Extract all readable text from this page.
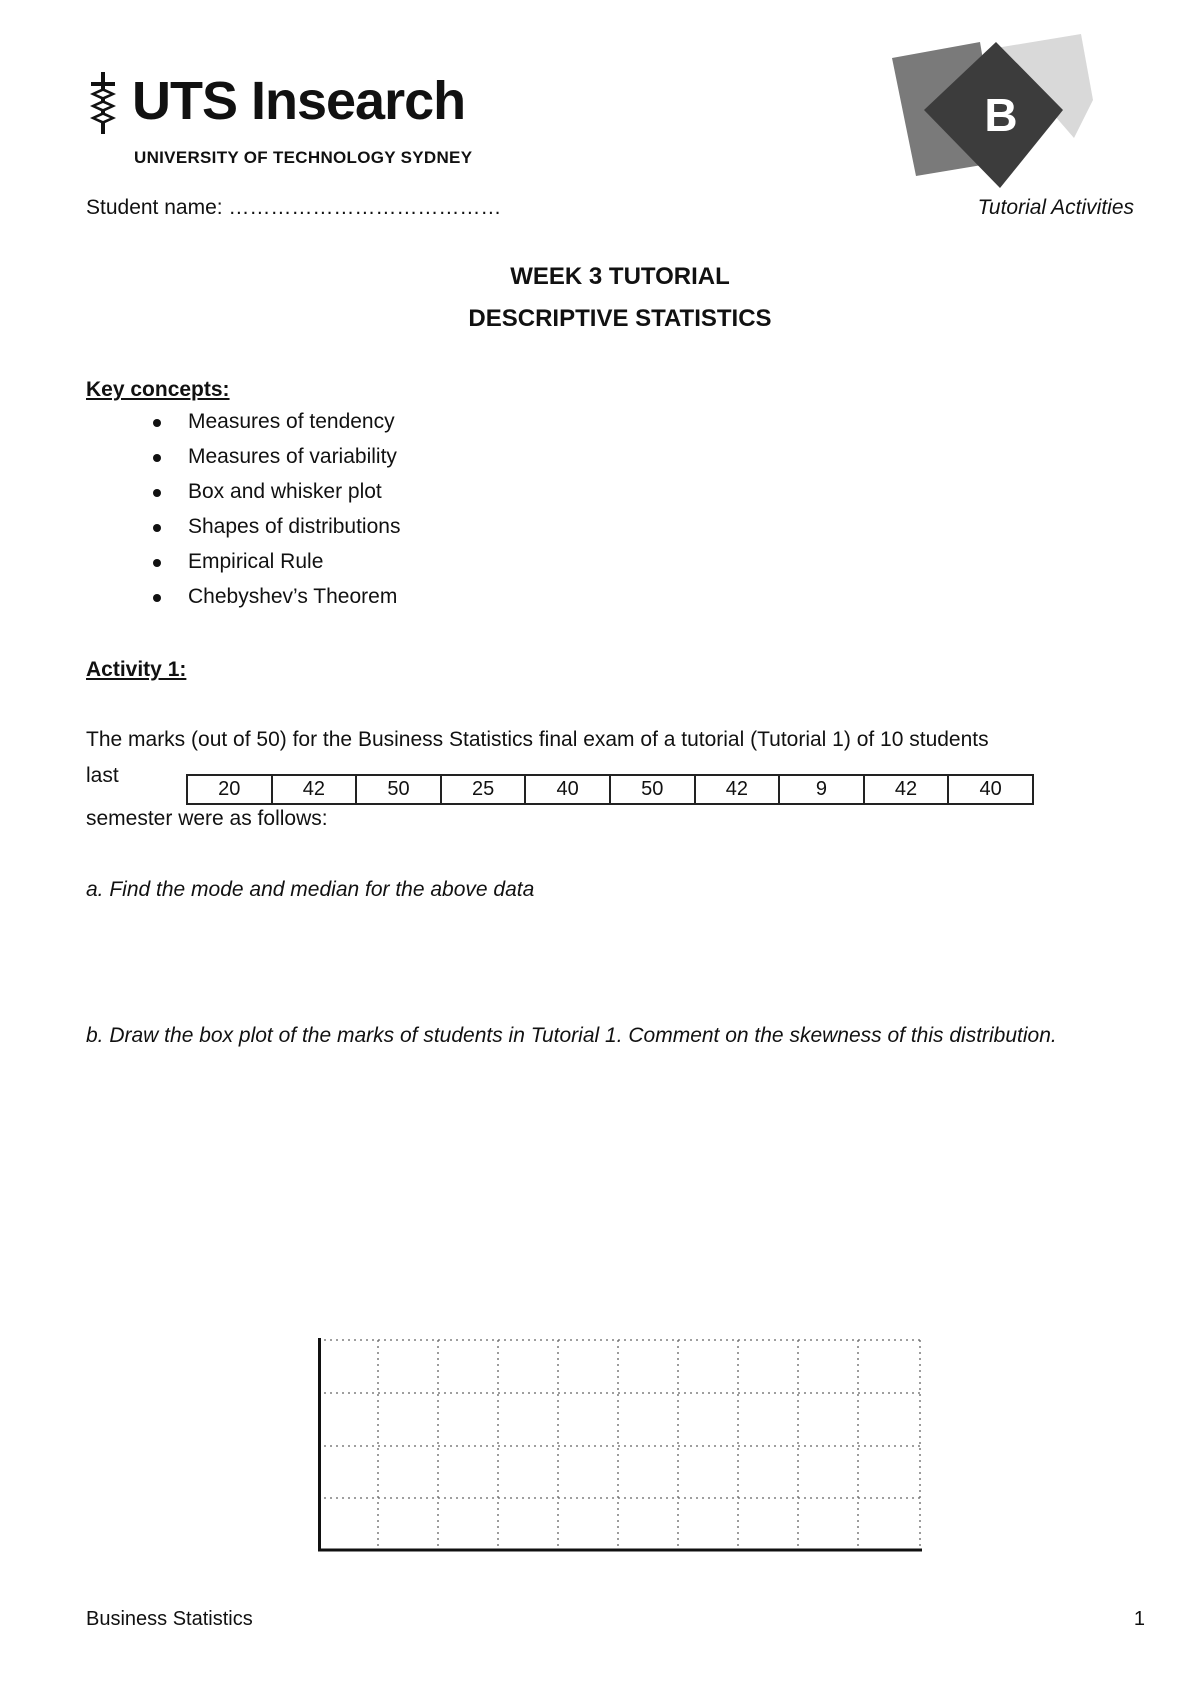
UTS Insearch
UNIVERSITY OF TECHNOLOGY SYDNEY
B
Student name: …………………………………	Tutorial Activities
WEEK 3 TUTORIAL
DESCRIPTIVE STATISTICS
Key concepts:
Measures of tendency
Measures of variability
Box and whisker plot
Shapes of distributions
Empirical Rule
Chebyshev’s Theorem
Activity 1:
The marks (out of 50) for the Business Statistics final exam of a tutorial (Tutorial 1) of 10 students
last
20	42	50	25	40	50	42	9	42	40
semester were as follows:
a. Find the mode and median for the above data
b. Draw the box plot of the marks of students in Tutorial 1. Comment on the skewness of this distribution.
Business Statistics	1
